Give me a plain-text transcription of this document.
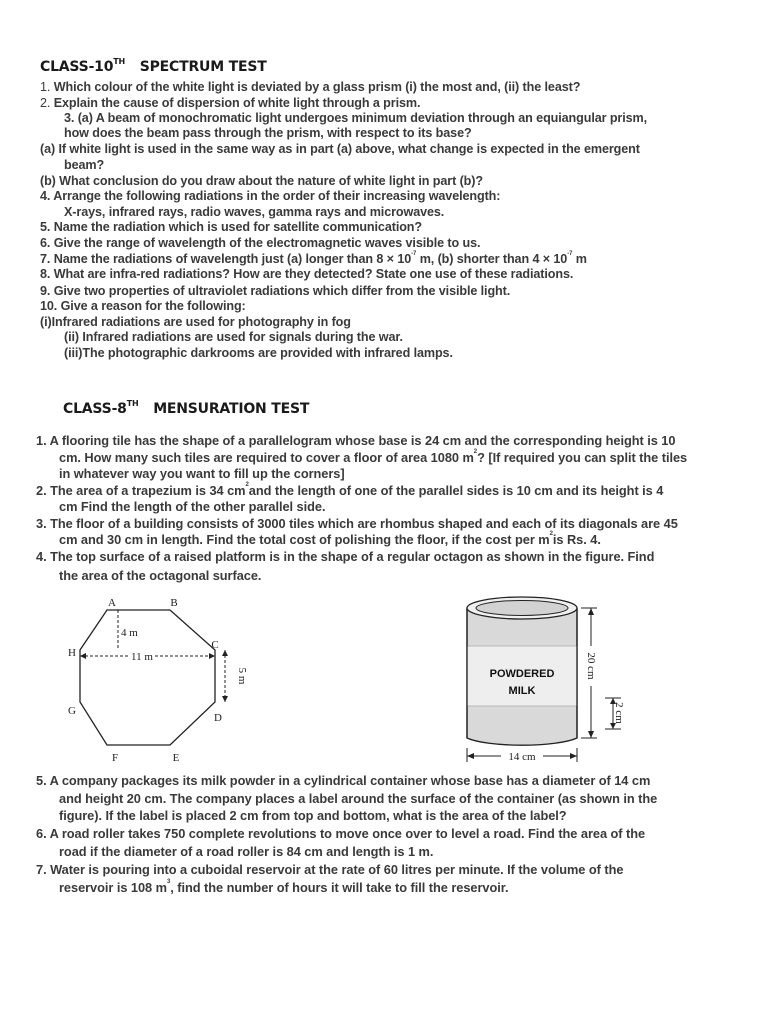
CLASS-10TH SPECTRUM TEST
1. Which colour of the white light is deviated by a glass prism (i) the most and, (ii) the least?
2. Explain the cause of dispersion of white light through a prism.
3. (a) A beam of monochromatic light undergoes minimum deviation through an equiangular prism,
how does the beam pass through the prism, with respect to its base?
(a) If white light is used in the same way as in part (a) above, what change is expected in the emergent
beam?
(b) What conclusion do you draw about the nature of white light in part (b)?
4. Arrange the following radiations in the order of their increasing wavelength:
X-rays, infrared rays, radio waves, gamma rays and microwaves.
5. Name the radiation which is used for satellite communication?
6. Give the range of wavelength of the electromagnetic waves visible to us.
7. Name the radiations of wavelength just (a) longer than $8 \times 10^{-7}$ m, (b) shorter than $4 \times 10^{-7}$ m
8. What are infra-red radiations? How are they detected? State one use of these radiations.
9. Give two properties of ultraviolet radiations which differ from the visible light.
10. Give a reason for the following:
(i)Infrared radiations are used for photography in fog
(ii) Infrared radiations are used for signals during the war.
(iii)The photographic darkrooms are provided with infrared lamps.
CLASS-8TH MENSURATION TEST
1. A flooring tile has the shape of a parallelogram whose base is 24 cm and the corresponding height is 10
cm. How many such tiles are required to cover a floor of area 1080 $m^2$? [If required you can split the tiles
in whatever way you want to fill up the corners]
2. The area of a trapezium is 34 $cm^2and$ the length of one of the parallel sides is 10 cm and its height is 4
cm Find the length of the other parallel side.
3. The floor of a building consists of 3000 tiles which are rhombus shaped and each of its diagonals are 45
cm and 30 cm in length. Find the total cost of polishing the floor, if the cost per $m^2is$ Rs. 4.
4. The top surface of a raised platform is in the shape of a regular octagon as shown in the figure. Find
the area of the octagonal surface.
A	B
C
D
E
F
G
H
4 m
11 m
5 m	POWDERED
MILK
20 cm
2 cm
14 cm
5. A company packages its milk powder in a cylindrical container whose base has a diameter of 14 cm
and height 20 cm. The company places a label around the surface of the container (as shown in the
figure). If the label is placed 2 cm from top and bottom, what is the area of the label?
6. A road roller takes 750 complete revolutions to move once over to level a road. Find the area of the
road if the diameter of a road roller is 84 cm and length is 1 m.
7. Water is pouring into a cuboidal reservoir at the rate of 60 litres per minute. If the volume of the
reservoir is 108 $m^3$, find the number of hours it will take to fill the reservoir.
